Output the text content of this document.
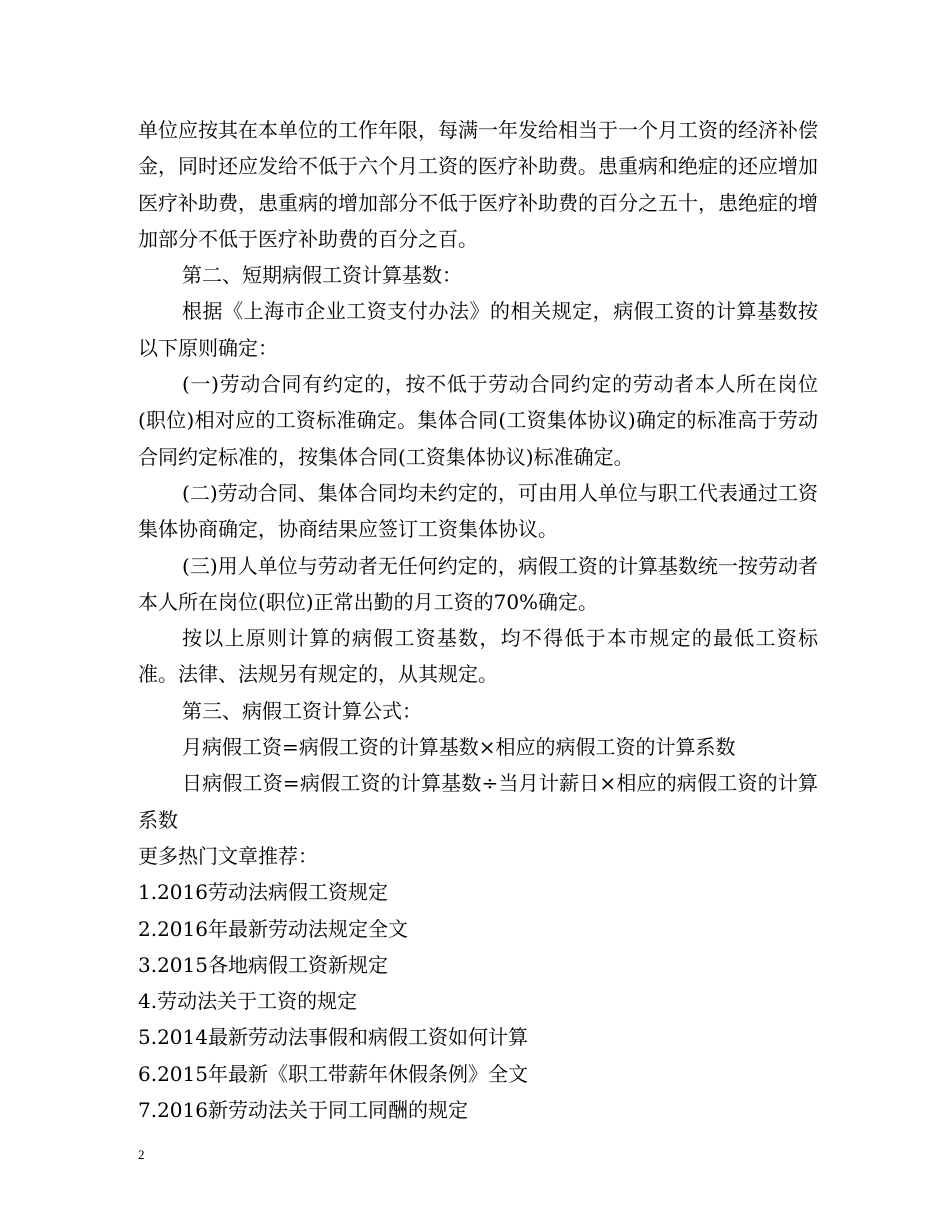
单位应按其在本单位的工作年限，每满一年发给相当于一个月工资的经济补偿金，同时还应发给不低于六个月工资的医疗补助费。患重病和绝症的还应增加医疗补助费，患重病的增加部分不低于医疗补助费的百分之五十，患绝症的增加部分不低于医疗补助费的百分之百。

第二、短期病假工资计算基数：

根据《上海市企业工资支付办法》的相关规定，病假工资的计算基数按以下原则确定：

(一)劳动合同有约定的，按不低于劳动合同约定的劳动者本人所在岗位(职位)相对应的工资标准确定。集体合同(工资集体协议)确定的标准高于劳动合同约定标准的，按集体合同(工资集体协议)标准确定。

(二)劳动合同、集体合同均未约定的，可由用人单位与职工代表通过工资集体协商确定，协商结果应签订工资集体协议。

(三)用人单位与劳动者无任何约定的，病假工资的计算基数统一按劳动者本人所在岗位(职位)正常出勤的月工资的70%确定。

按以上原则计算的病假工资基数，均不得低于本市规定的最低工资标准。法律、法规另有规定的，从其规定。

第三、病假工资计算公式：

月病假工资=病假工资的计算基数×相应的病假工资的计算系数

日病假工资=病假工资的计算基数÷当月计薪日×相应的病假工资的计算系数

更多热门文章推荐：

1.2016劳动法病假工资规定

2.2016年最新劳动法规定全文

3.2015各地病假工资新规定

4.劳动法关于工资的规定

5.2014最新劳动法事假和病假工资如何计算

6.2015年最新《职工带薪年休假条例》全文

7.2016新劳动法关于同工同酬的规定

2
